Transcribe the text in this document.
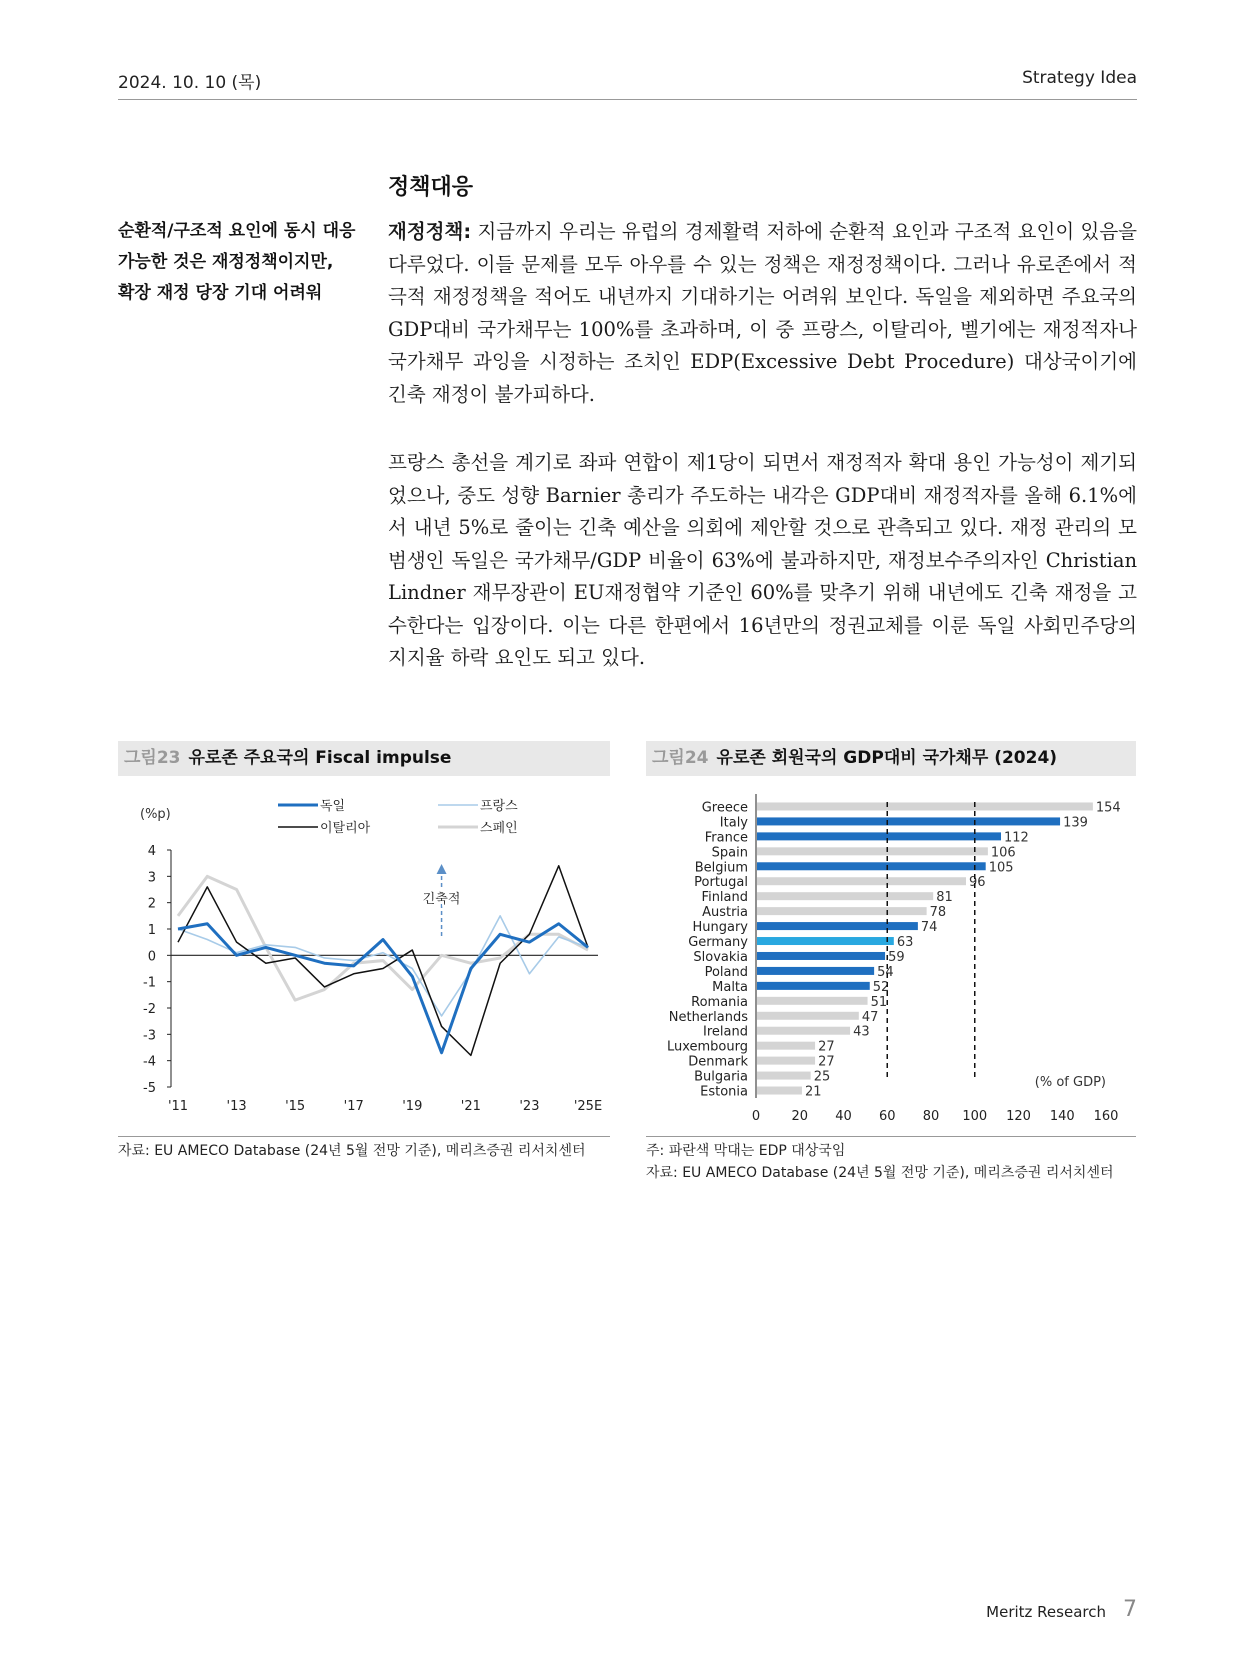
2024. 10. 10 (목)	Strategy Idea
정책대응
순환적/구조적 요인에 동시 대응
가능한 것은 재정정책이지만,
확장 재정 당장 기대 어려워
재정정책: 지금까지 우리는 유럽의 경제활력 저하에 순환적 요인과 구조적 요인이 있음을 다루었다. 이들 문제를 모두 아우를 수 있는 정책은 재정정책이다. 그러나 유로존에서 적극적 재정정책을 적어도 내년까지 기대하기는 어려워 보인다. 독일을 제외하면 주요국의 GDP대비 국가채무는 100%를 초과하며, 이 중 프랑스, 이탈리아, 벨기에는 재정적자나 국가채무 과잉을 시정하는 조치인 EDP(Excessive Debt Procedure) 대상국이기에 긴축 재정이 불가피하다.
프랑스 총선을 계기로 좌파 연합이 제1당이 되면서 재정적자 확대 용인 가능성이 제기되었으나, 중도 성향 Barnier 총리가 주도하는 내각은 GDP대비 재정적자를 올해 6.1%에서 내년 5%로 줄이는 긴축 예산을 의회에 제안할 것으로 관측되고 있다. 재정 관리의 모범생인 독일은 국가채무/GDP 비율이 63%에 불과하지만, 재정보수주의자인 Christian Lindner 재무장관이 EU재정협약 기준인 60%를 맞추기 위해 내년에도 긴축 재정을 고수한다는 입장이다. 이는 다른 한편에서 16년만의 정권교체를 이룬 독일 사회민주당의 지지율 하락 요인도 되고 있다.
그림23 유로존 주요국의 Fiscal impulse
(%p)
4
3
2
1
0
-1
-2
-3
-4
-5
'11	'13	'15	'17	'19	'21	'23	'25E
독일	프랑스
이탈리아	스페인
긴축적
자료: EU AMECO Database (24년 5월 전망 기준), 메리츠증권 리서치센터
그림24 유로존 회원국의 GDP대비 국가채무 (2024)
Greece	154
Italy	139
France	112
Spain	106
Belgium	105
Portugal	96
Finland	81
Austria	78
Hungary	74
Germany	63
Slovakia	59
Poland	54
Malta	52
Romania	51
Netherlands	47
Ireland	43
Luxembourg	27
Denmark	27
Bulgaria	25
Estonia	21
0 20 40 60 80 100 120 140 160
(% of GDP)
주: 파란색 막대는 EDP 대상국임
자료: EU AMECO Database (24년 5월 전망 기준), 메리츠증권 리서치센터
Meritz Research 7
